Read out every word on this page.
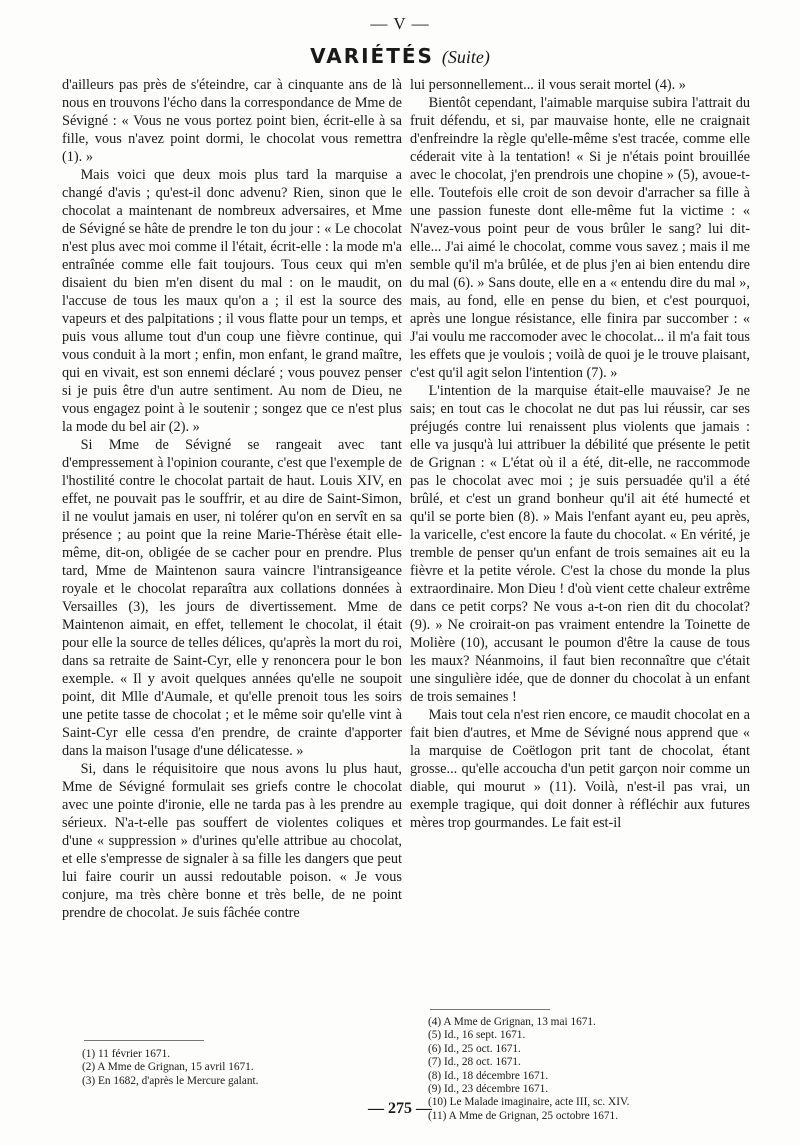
— V —
VARIÉTÉS (Suite)

d'ailleurs pas près de s'éteindre, car à cinquante ans de là nous en trouvons l'écho dans la correspondance de Mme de Sévigné : « Vous ne vous portez point bien, écrit-elle à sa fille, vous n'avez point dormi, le chocolat vous remettra (1). »

Mais voici que deux mois plus tard la marquise a changé d'avis ; qu'est-il donc advenu? Rien, sinon que le chocolat a maintenant de nombreux adversaires, et Mme de Sévigné se hâte de prendre le ton du jour : « Le chocolat n'est plus avec moi comme il l'était, écrit-elle : la mode m'a entraînée comme elle fait toujours. Tous ceux qui m'en disaient du bien m'en disent du mal : on le maudit, on l'accuse de tous les maux qu'on a ; il est la source des vapeurs et des palpitations ; il vous flatte pour un temps, et puis vous allume tout d'un coup une fièvre continue, qui vous conduit à la mort ; enfin, mon enfant, le grand maître, qui en vivait, est son ennemi déclaré ; vous pouvez penser si je puis être d'un autre sentiment. Au nom de Dieu, ne vous engagez point à le soutenir ; songez que ce n'est plus la mode du bel air (2). »

Si Mme de Sévigné se rangeait avec tant d'empressement à l'opinion courante, c'est que l'exemple de l'hostilité contre le chocolat partait de haut. Louis XIV, en effet, ne pouvait pas le souffrir, et au dire de Saint-Simon, il ne voulut jamais en user, ni tolérer qu'on en servît en sa présence ; au point que la reine Marie-Thérèse était elle-même, dit-on, obligée de se cacher pour en prendre. Plus tard, Mme de Maintenon saura vaincre l'intransigeance royale et le chocolat reparaîtra aux collations données à Versailles (3), les jours de divertissement. Mme de Maintenon aimait, en effet, tellement le chocolat, il était pour elle la source de telles délices, qu'après la mort du roi, dans sa retraite de Saint-Cyr, elle y renoncera pour le bon exemple. « Il y avoit quelques années qu'elle ne soupoit point, dit Mlle d'Aumale, et qu'elle prenoit tous les soirs une petite tasse de chocolat ; et le même soir qu'elle vint à Saint-Cyr elle cessa d'en prendre, de crainte d'apporter dans la maison l'usage d'une délicatesse. »

Si, dans le réquisitoire que nous avons lu plus haut, Mme de Sévigné formulait ses griefs contre le chocolat avec une pointe d'ironie, elle ne tarda pas à les prendre au sérieux. N'a-t-elle pas souffert de violentes coliques et d'une « suppression » d'urines qu'elle attribue au chocolat, et elle s'empresse de signaler à sa fille les dangers que peut lui faire courir un aussi redoutable poison. « Je vous conjure, ma très chère bonne et très belle, de ne point prendre de chocolat. Je suis fâchée contre

lui personnellement... il vous serait mortel (4). »

Bientôt cependant, l'aimable marquise subira l'attrait du fruit défendu, et si, par mauvaise honte, elle ne craignait d'enfreindre la règle qu'elle-même s'est tracée, comme elle céderait vite à la tentation! « Si je n'étais point brouillée avec le chocolat, j'en prendrois une chopine » (5), avoue-t-elle. Toutefois elle croit de son devoir d'arracher sa fille à une passion funeste dont elle-même fut la victime : « N'avez-vous point peur de vous brûler le sang? lui dit-elle... J'ai aimé le chocolat, comme vous savez ; mais il me semble qu'il m'a brûlée, et de plus j'en ai bien entendu dire du mal (6). » Sans doute, elle en a « entendu dire du mal », mais, au fond, elle en pense du bien, et c'est pourquoi, après une longue résistance, elle finira par succomber : « J'ai voulu me raccomoder avec le chocolat... il m'a fait tous les effets que je voulois ; voilà de quoi je le trouve plaisant, c'est qu'il agit selon l'intention (7). »

L'intention de la marquise était-elle mauvaise? Je ne sais; en tout cas le chocolat ne dut pas lui réussir, car ses préjugés contre lui renaissent plus violents que jamais : elle va jusqu'à lui attribuer la débilité que présente le petit de Grignan : « L'état où il a été, dit-elle, ne raccommode pas le chocolat avec moi ; je suis persuadée qu'il a été brûlé, et c'est un grand bonheur qu'il ait été humecté et qu'il se porte bien (8). » Mais l'enfant ayant eu, peu après, la varicelle, c'est encore la faute du chocolat. « En vérité, je tremble de penser qu'un enfant de trois semaines ait eu la fièvre et la petite vérole. C'est la chose du monde la plus extraordinaire. Mon Dieu ! d'où vient cette chaleur extrême dans ce petit corps? Ne vous a-t-on rien dit du chocolat? (9). » Ne croirait-on pas vraiment entendre la Toinette de Molière (10), accusant le poumon d'être la cause de tous les maux? Néanmoins, il faut bien reconnaître que c'était une singulière idée, que de donner du chocolat à un enfant de trois semaines !

Mais tout cela n'est rien encore, ce maudit chocolat en a fait bien d'autres, et Mme de Sévigné nous apprend que « la marquise de Coëtlogon prit tant de chocolat, étant grosse... qu'elle accoucha d'un petit garçon noir comme un diable, qui mourut » (11). Voilà, n'est-il pas vrai, un exemple tragique, qui doit donner à réfléchir aux futures mères trop gourmandes. Le fait est-il

(1) 11 février 1671.
(2) A Mme de Grignan, 15 avril 1671.
(3) En 1682, d'après le Mercure galant.
(4) A Mme de Grignan, 13 mai 1671.
(5) Id., 16 sept. 1671.
(6) Id., 25 oct. 1671.
(7) Id., 28 oct. 1671.
(8) Id., 18 décembre 1671.
(9) Id., 23 décembre 1671.
(10) Le Malade imaginaire, acte III, sc. XIV.
(11) A Mme de Grignan, 25 octobre 1671.
— 275 —
